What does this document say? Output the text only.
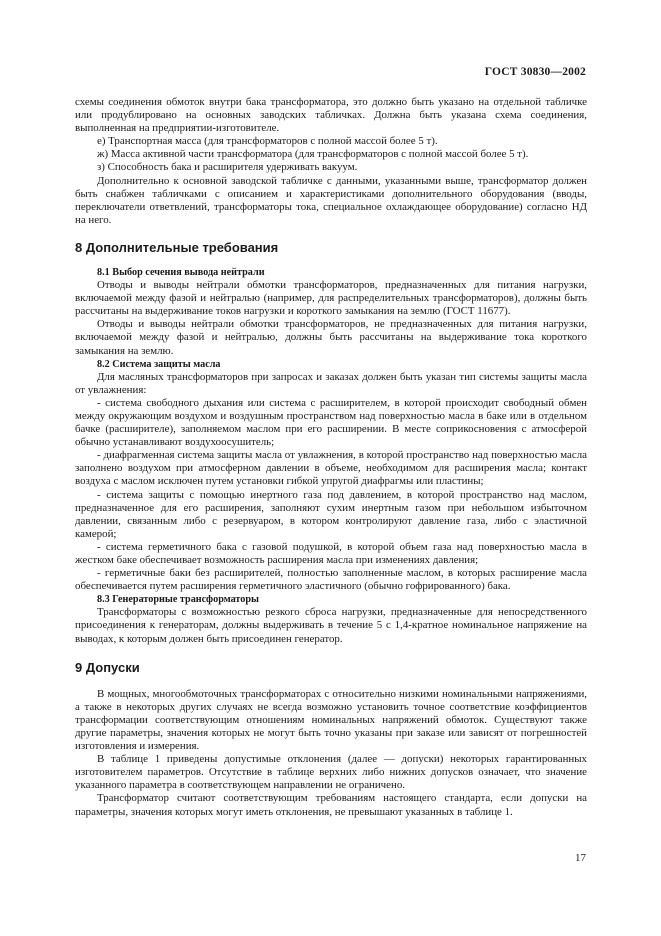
ГОСТ 30830—2002

схемы соединения обмоток внутри бака трансформатора, это должно быть указано на отдельной табличке или продублировано на основных заводских табличках. Должна быть указана схема соединения, выполненная на предприятии-изготовителе.

е) Транспортная масса (для трансформаторов с полной массой более 5 т).

ж) Масса активной части трансформатора (для трансформаторов с полной массой более 5 т).

з) Способность бака и расширителя удерживать вакуум.

Дополнительно к основной заводской табличке с данными, указанными выше, трансформатор должен быть снабжен табличками с описанием и характеристиками дополнительного оборудования (вводы, переключатели ответвлений, трансформаторы тока, специальное охлаждающее оборудование) согласно НД на него.

8 Дополнительные требования

8.1 Выбор сечения вывода нейтрали

Отводы и выводы нейтрали обмотки трансформаторов, предназначенных для питания нагрузки, включаемой между фазой и нейтралью (например, для распределительных трансформаторов), должны быть рассчитаны на выдерживание токов нагрузки и короткого замыкания на землю (ГОСТ 11677).

Отводы и выводы нейтрали обмотки трансформаторов, не предназначенных для питания нагрузки, включаемой между фазой и нейтралью, должны быть рассчитаны на выдерживание тока короткого замыкания на землю.

8.2 Система защиты масла

Для масляных трансформаторов при запросах и заказах должен быть указан тип системы защиты масла от увлажнения:

- система свободного дыхания или система с расширителем, в которой происходит свободный обмен между окружающим воздухом и воздушным пространством над поверхностью масла в баке или в отдельном бачке (расширителе), заполняемом маслом при его расширении. В месте соприкосновения с атмосферой обычно устанавливают воздухоосушитель;

- диафрагменная система защиты масла от увлажнения, в которой пространство над поверхностью масла заполнено воздухом при атмосферном давлении в объеме, необходимом для расширения масла; контакт воздуха с маслом исключен путем установки гибкой упругой диафрагмы или пластины;

- система защиты с помощью инертного газа под давлением, в которой пространство над маслом, предназначенное для его расширения, заполняют сухим инертным газом при небольшом избыточном давлении, связанным либо с резервуаром, в котором контролируют давление газа, либо с эластичной камерой;

- система герметичного бака с газовой подушкой, в которой объем газа над поверхностью масла в жестком баке обеспечивает возможность расширения масла при изменениях давления;

- герметичные баки без расширителей, полностью заполненные маслом, в которых расширение масла обеспечивается путем расширения герметичного эластичного (обычно гофрированного) бака.

8.3 Генераторные трансформаторы

Трансформаторы с возможностью резкого сброса нагрузки, предназначенные для непосредственного присоединения к генераторам, должны выдерживать в течение 5 с 1,4-кратное номинальное напряжение на выводах, к которым должен быть присоединен генератор.

9 Допуски

В мощных, многообмоточных трансформаторах с относительно низкими номинальными напряжениями, а также в некоторых других случаях не всегда возможно установить точное соответствие коэффициентов трансформации соответствующим отношениям номинальных напряжений обмоток. Существуют также другие параметры, значения которых не могут быть точно указаны при заказе или зависят от погрешностей изготовления и измерения.

В таблице 1 приведены допустимые отклонения (далее — допуски) некоторых гарантированных изготовителем параметров. Отсутствие в таблице верхних либо нижних допусков означает, что значение указанного параметра в соответствующем направлении не ограничено.

Трансформатор считают соответствующим требованиям настоящего стандарта, если допуски на параметры, значения которых могут иметь отклонения, не превышают указанных в таблице 1.

17
